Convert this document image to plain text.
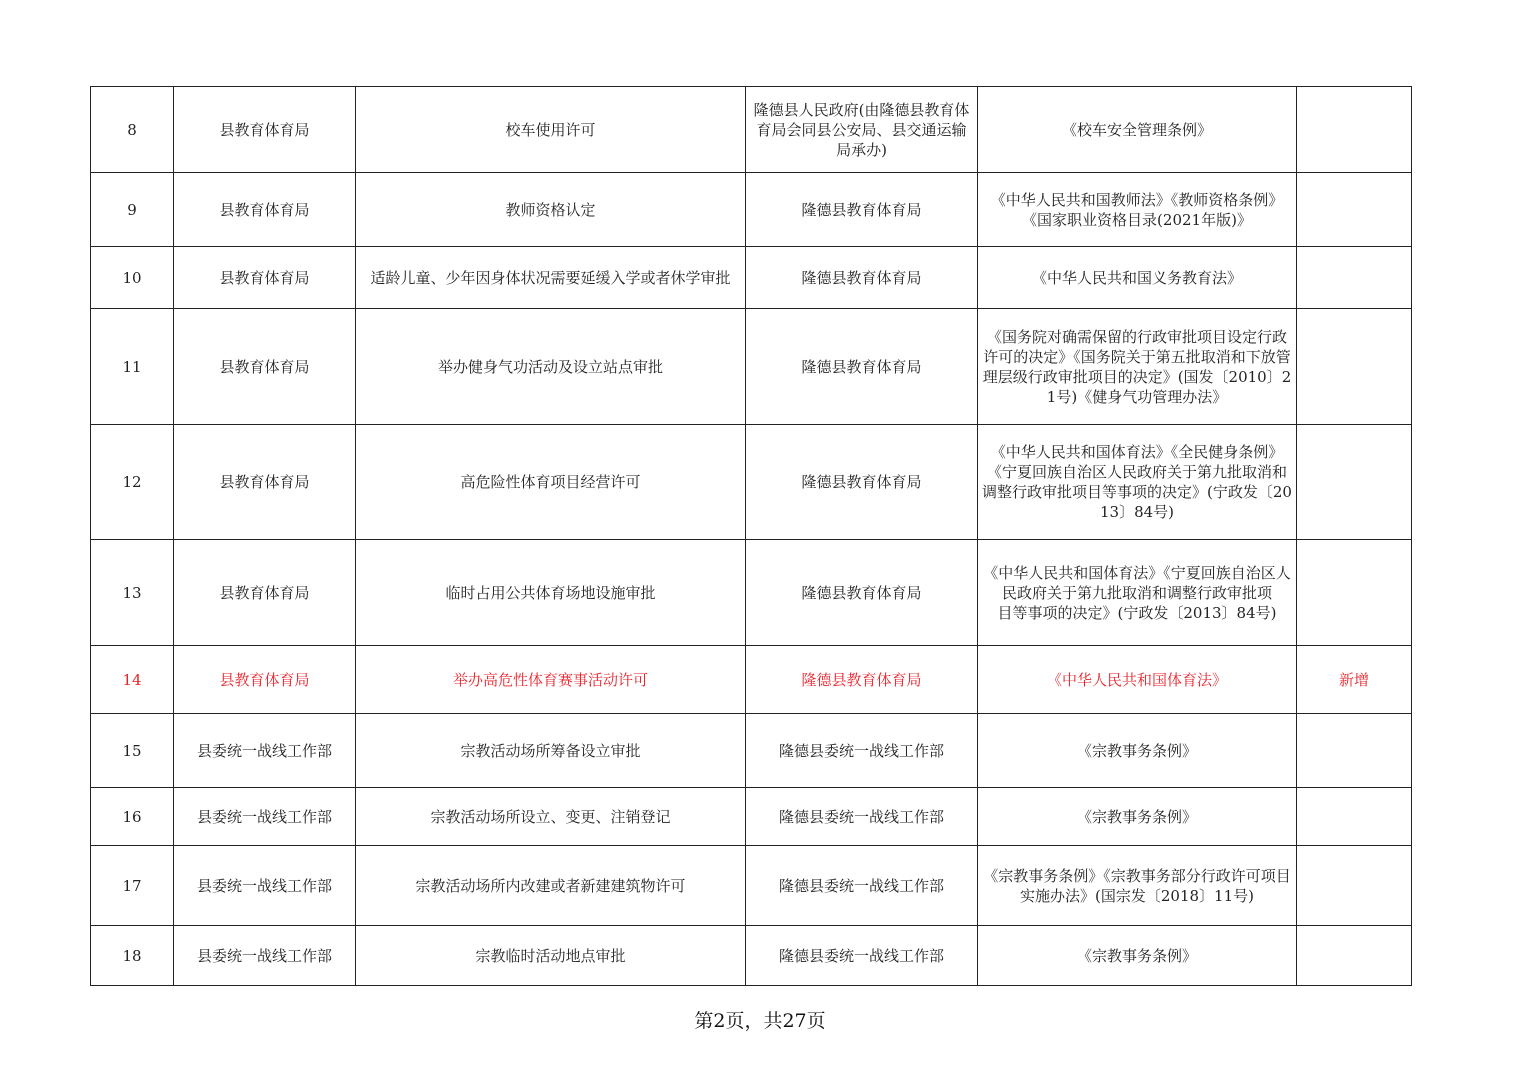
8	县教育体育局	校车使用许可	隆德县人民政府(由隆德县教育体育局会同县公安局、县交通运输局承办)	《校车安全管理条例》	

9	县教育体育局	教师资格认定	隆德县教育体育局	《中华人民共和国教师法》《教师资格条例》
《国家职业资格目录(2021年版)》	

10	县教育体育局	适龄儿童、少年因身体状况需要延缓入学或者休学审批	隆德县教育体育局	《中华人民共和国义务教育法》	

11	县教育体育局	举办健身气功活动及设立站点审批	隆德县教育体育局	《国务院对确需保留的行政审批项目设定行政许可的决定》《国务院关于第五批取消和下放管理层级行政审批项目的决定》(国发〔2010〕21号)《健身气功管理办法》	

12	县教育体育局	高危险性体育项目经营许可	隆德县教育体育局	《中华人民共和国体育法》《全民健身条例》
《宁夏回族自治区人民政府关于第九批取消和调整行政审批项目等事项的决定》(宁政发〔2013〕84号)	

13	县教育体育局	临时占用公共体育场地设施审批	隆德县教育体育局	《中华人民共和国体育法》《宁夏回族自治区人民政府关于第九批取消和调整行政审批项
目等事项的决定》(宁政发〔2013〕84号)	

14	县教育体育局	举办高危性体育赛事活动许可	隆德县教育体育局	《中华人民共和国体育法》	新增
15	县委统一战线工作部	宗教活动场所筹备设立审批	隆德县委统一战线工作部	《宗教事务条例》	

16	县委统一战线工作部	宗教活动场所设立、变更、注销登记	隆德县委统一战线工作部	《宗教事务条例》	

17	县委统一战线工作部	宗教活动场所内改建或者新建建筑物许可	隆德县委统一战线工作部	《宗教事务条例》《宗教事务部分行政许可项目实施办法》(国宗发〔2018〕11号)	

18	县委统一战线工作部	宗教临时活动地点审批	隆德县委统一战线工作部	《宗教事务条例》	

第2页，共27页
